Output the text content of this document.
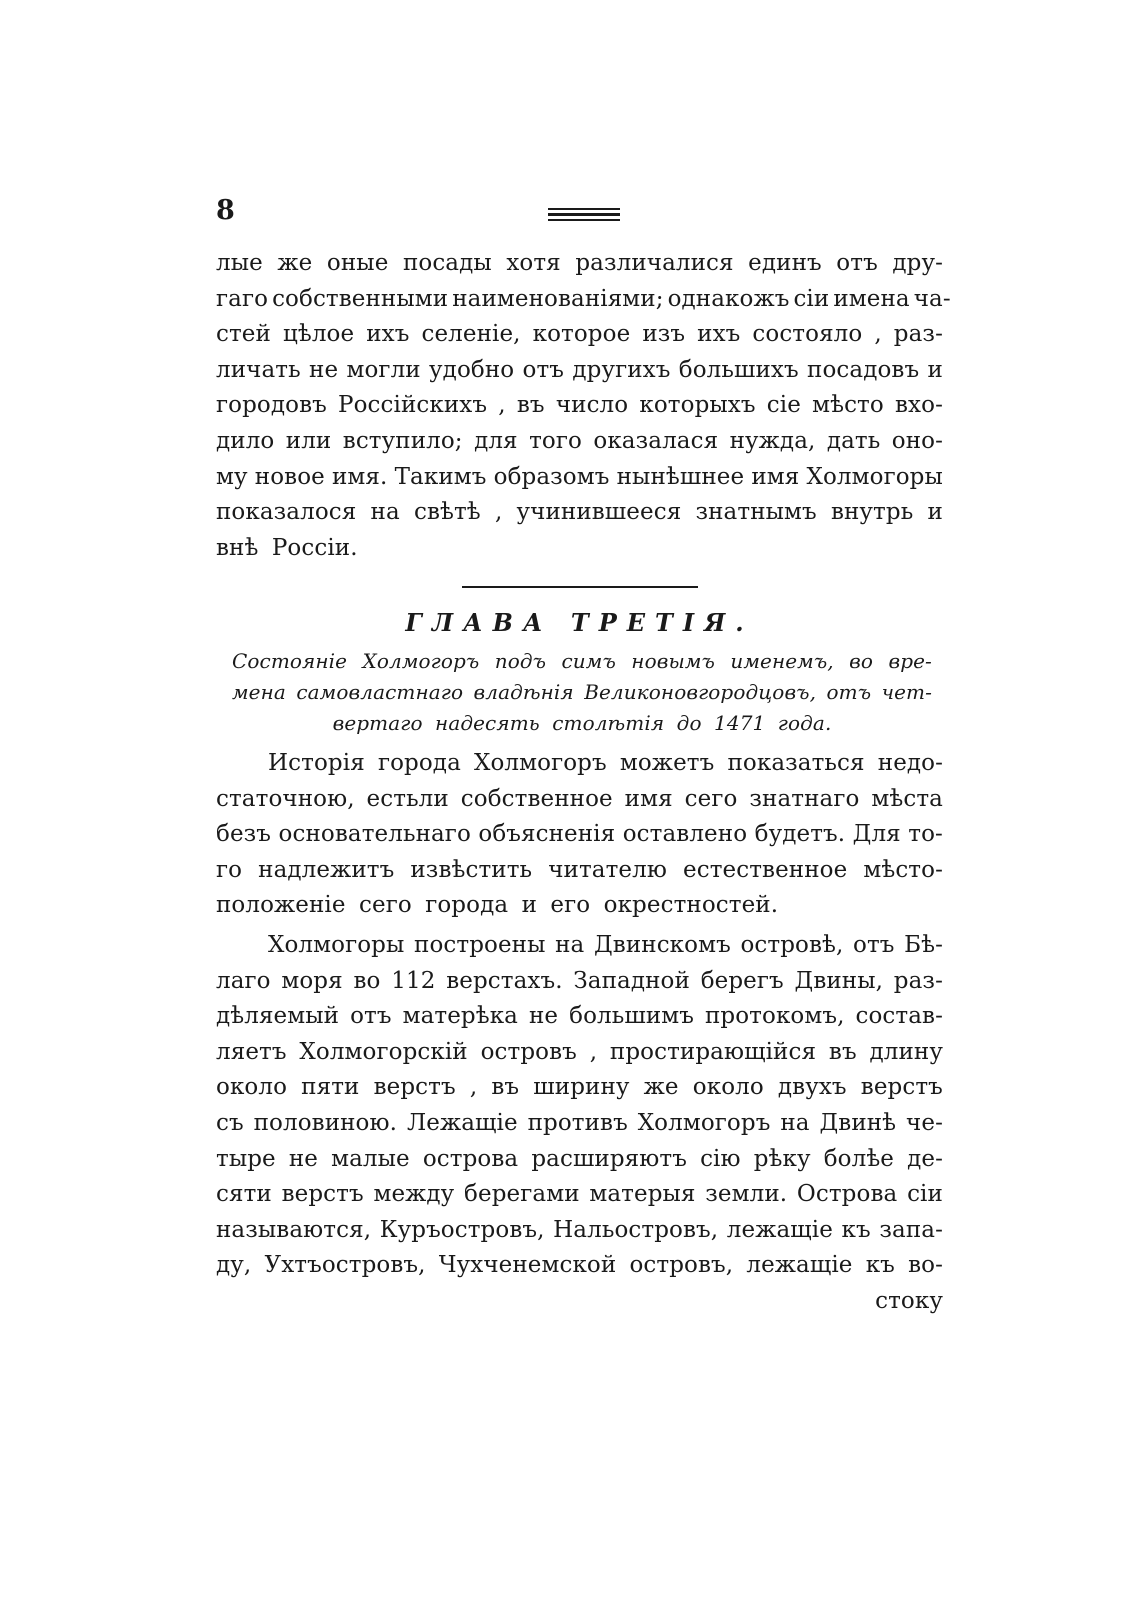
8
лые же оные посады хотя различалися единъ отъ дру-
гаго собственными наименованіями; однакожъ сіи имена ча-
стей цѣлое ихъ селеніе, которое изъ ихъ состояло , раз-
личать не могли удобно отъ другихъ большихъ посадовъ и
городовъ Россійскихъ , въ число которыхъ сіе мѣсто вхо-
дило или вступило; для того оказалася нужда, дать оно-
му новое имя. Такимъ образомъ нынѣшнее имя Холмогоры
показалося на свѣтѣ , учинившееся знатнымъ внутрь и
внѣ Россіи.
ГЛАВА ТРЕТІЯ.
Состояніе Холмогоръ подъ симъ новымъ именемъ, во вре-
мена самовластнаго владѣнія Великоновгородцовъ, отъ чет-
вертаго надесять столѣтія до 1471 года.
Исторія города Холмогоръ можетъ показаться недо-
статочною, естьли собственное имя сего знатнаго мѣста
безъ основательнаго объясненія оставлено будетъ. Для то-
го надлежитъ извѣстить читателю естественное мѣсто-
положеніе сего города и его окрестностей.
Холмогоры построены на Двинскомъ островѣ, отъ Бѣ-
лаго моря во 112 верстахъ. Западной берегъ Двины, раз-
дѣляемый отъ матерѣка не большимъ протокомъ, состав-
ляетъ Холмогорскій островъ , простирающійся въ длину
около пяти верстъ , въ ширину же около двухъ верстъ
съ половиною. Лежащіе противъ Холмогоръ на Двинѣ че-
тыре не малые острова расширяютъ сію рѣку болѣе де-
сяти верстъ между берегами матерыя земли. Острова сіи
называются, Куръостровъ, Нальостровъ, лежащіе къ запа-
ду, Ухтъостровъ, Чухченемской островъ, лежащіе къ во-
стоку
